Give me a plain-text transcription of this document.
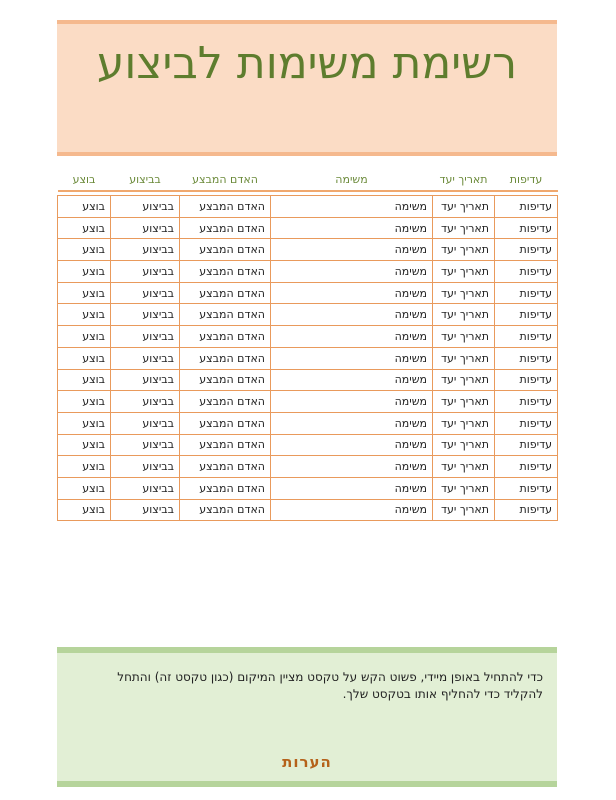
רשימת משימות לביצוע
עדיפות	תאריך יעד	משימה	האדם המבצע	בביצוע	בוצע

עדיפות	תאריך יעד	משימה	האדם המבצע	בביצוע	בוצע
עדיפות	תאריך יעד	משימה	האדם המבצע	בביצוע	בוצע
עדיפות	תאריך יעד	משימה	האדם המבצע	בביצוע	בוצע
עדיפות	תאריך יעד	משימה	האדם המבצע	בביצוע	בוצע
עדיפות	תאריך יעד	משימה	האדם המבצע	בביצוע	בוצע
עדיפות	תאריך יעד	משימה	האדם המבצע	בביצוע	בוצע
עדיפות	תאריך יעד	משימה	האדם המבצע	בביצוע	בוצע
עדיפות	תאריך יעד	משימה	האדם המבצע	בביצוע	בוצע
עדיפות	תאריך יעד	משימה	האדם המבצע	בביצוע	בוצע
עדיפות	תאריך יעד	משימה	האדם המבצע	בביצוע	בוצע
עדיפות	תאריך יעד	משימה	האדם המבצע	בביצוע	בוצע
עדיפות	תאריך יעד	משימה	האדם המבצע	בביצוע	בוצע
עדיפות	תאריך יעד	משימה	האדם המבצע	בביצוע	בוצע
עדיפות	תאריך יעד	משימה	האדם המבצע	בביצוע	בוצע
עדיפות	תאריך יעד	משימה	האדם המבצע	בביצוע	בוצע
כדי להתחיל באופן מיידי, פשוט הקש על טקסט מציין המיקום (כגון טקסט זה) והתחל להקליד כדי להחליף אותו בטקסט שלך.
הערות
